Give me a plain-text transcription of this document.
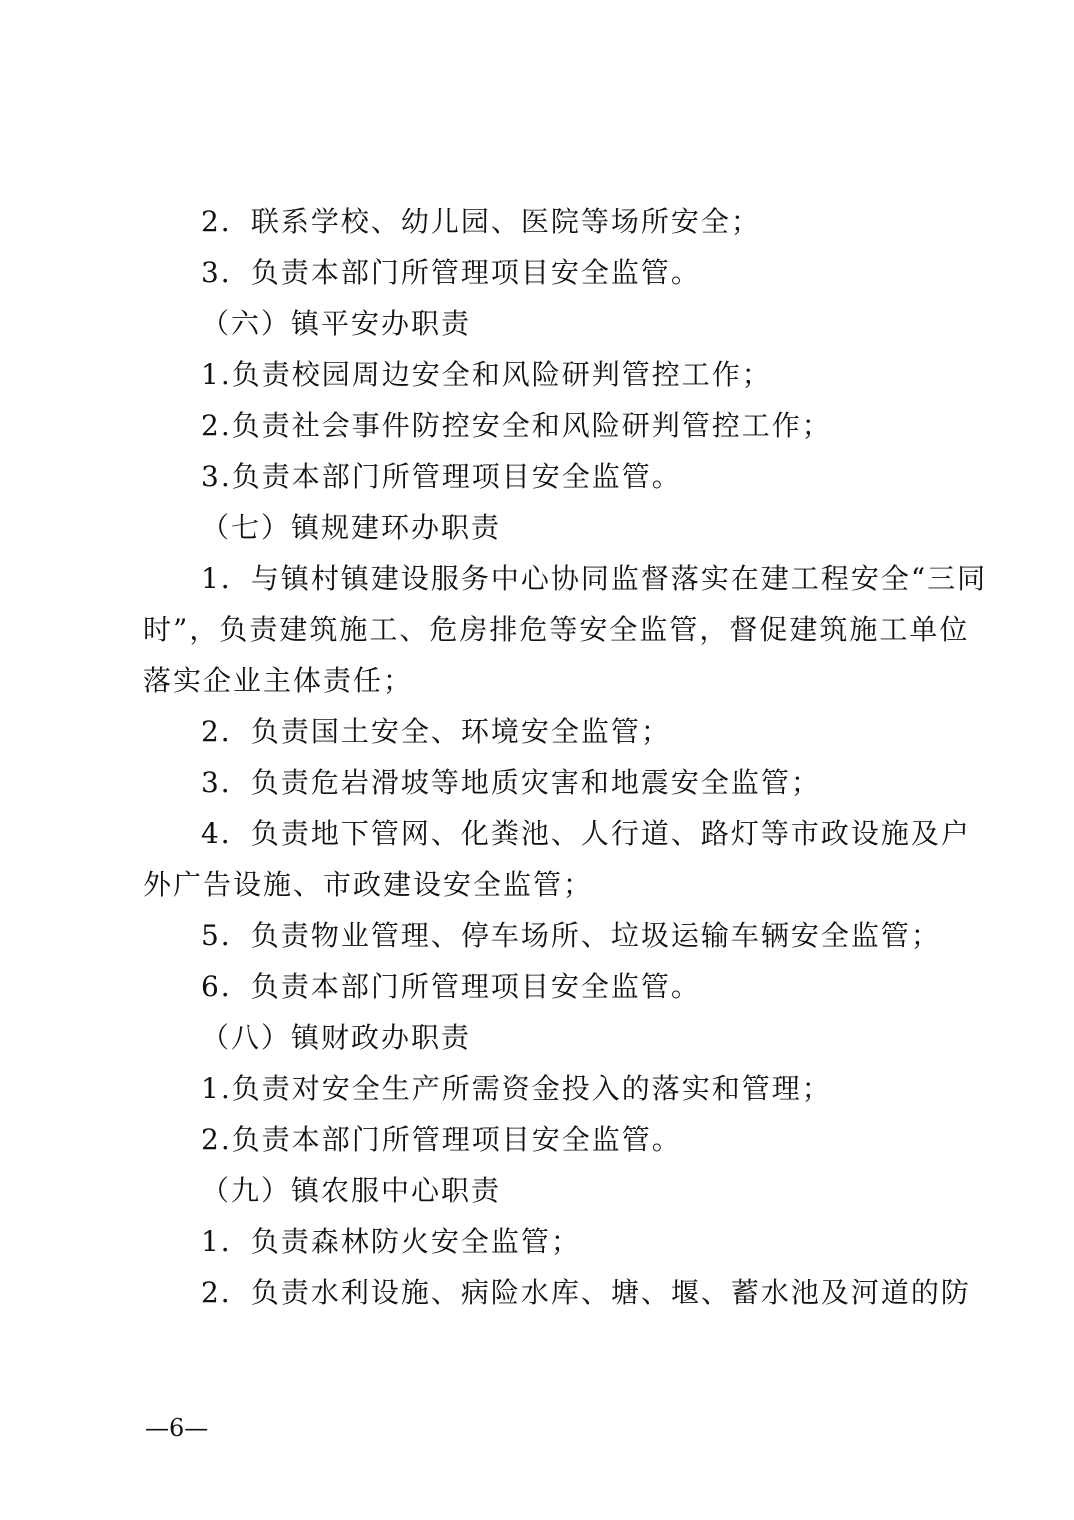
2．联系学校、幼儿园、医院等场所安全；
3．负责本部门所管理项目安全监管。
（六）镇平安办职责
1.负责校园周边安全和风险研判管控工作；
2.负责社会事件防控安全和风险研判管控工作；
3.负责本部门所管理项目安全监管。
（七）镇规建环办职责
1．与镇村镇建设服务中心协同监督落实在建工程安全“三同
时”，负责建筑施工、危房排危等安全监管，督促建筑施工单位
落实企业主体责任；
2．负责国土安全、环境安全监管；
3．负责危岩滑坡等地质灾害和地震安全监管；
4．负责地下管网、化粪池、人行道、路灯等市政设施及户
外广告设施、市政建设安全监管；
5．负责物业管理、停车场所、垃圾运输车辆安全监管；
6．负责本部门所管理项目安全监管。
（八）镇财政办职责
1.负责对安全生产所需资金投入的落实和管理；
2.负责本部门所管理项目安全监管。
（九）镇农服中心职责
1．负责森林防火安全监管；
2．负责水利设施、病险水库、塘、堰、蓄水池及河道的防
—6—
